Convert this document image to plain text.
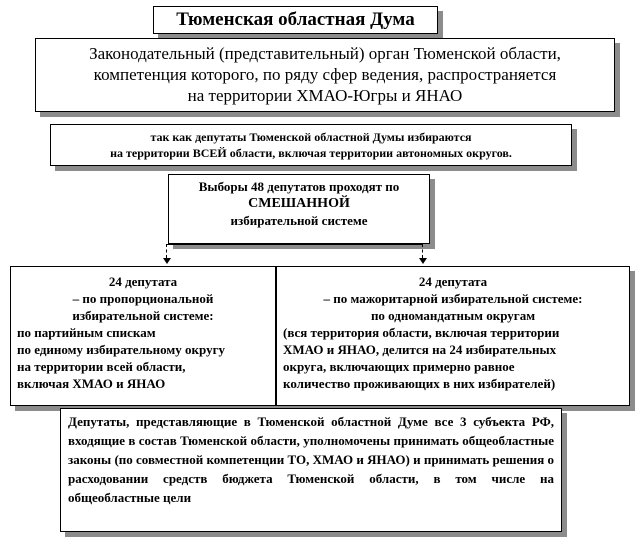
Тюменская областная Дума
Законодательный (представительный) орган Тюменской области,
компетенция которого, по ряду сфер ведения, распространяется
на территории ХМАО-Югры и ЯНАО
так как депутаты Тюменской областной Думы избираются
на территории ВСЕЙ области, включая территории автономных округов.
Выборы 48 депутатов проходят по
СМЕШАННОЙ
избирательной системе
24 депутата
– по пропорциональной
избирательной системе:
по партийным спискам
по единому избирательному округу
на территории всей области,
включая ХМАО и ЯНАО
24 депутата
– по мажоритарной избирательной системе:
по одномандатным округам
(вся территория области, включая территории
ХМАО и ЯНАО, делится на 24 избирательных
округа, включающих примерно равное
количество проживающих в них избирателей)
Депутаты, представляющие в Тюменской областной Думе все 3 субъекта РФ, входящие в состав Тюменской области, уполномочены принимать общеобластные законы (по совместной компетенции ТО, ХМАО и ЯНАО) и принимать решения о расходовании средств бюджета Тюменской области, в том числе на общеобластные цели
